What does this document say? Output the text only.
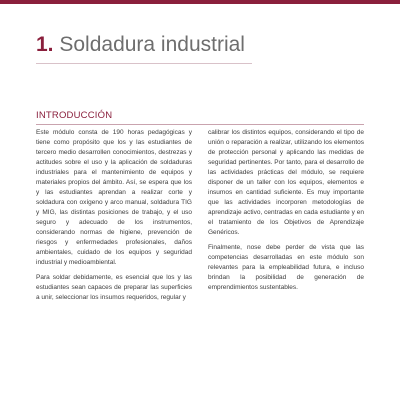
1. Soldadura industrial
INTRODUCCIÓN

Este módulo consta de 190 horas pedagógicas y tiene como propósito que los y las estudiantes de tercero medio desarrollen conocimientos, destrezas y actitudes sobre el uso y la aplicación de soldaduras industriales para el mantenimiento de equipos y materiales propios del ámbito. Así, se espera que los y las estudiantes aprendan a realizar corte y soldadura con oxígeno y arco manual, soldadura TIG y MIG, las distintas posiciones de trabajo, y el uso seguro y adecuado de los instrumentos, considerando normas de higiene, prevención de riesgos y enfermedades profesionales, daños ambientales, cuidado de los equipos y seguridad industrial y medioambiental.

Para soldar debidamente, es esencial que los y las estudiantes sean capaces de preparar las superficies a unir, seleccionar los insumos requeridos, regular y

calibrar los distintos equipos, considerando el tipo de unión o reparación a realizar, utilizando los elementos de protección personal y aplicando las medidas de seguridad pertinentes. Por tanto, para el desarrollo de las actividades prácticas del módulo, se requiere disponer de un taller con los equipos, elementos e insumos en cantidad suficiente. Es muy importante que las actividades incorporen metodologías de aprendizaje activo, centradas en cada estudiante y en el tratamiento de los Objetivos de Aprendizaje Genéricos.

Finalmente, nose debe perder de vista que las competencias desarrolladas en este módulo son relevantes para la empleabilidad futura, e incluso brindan la posibilidad de generación de emprendimientos sustentables.
